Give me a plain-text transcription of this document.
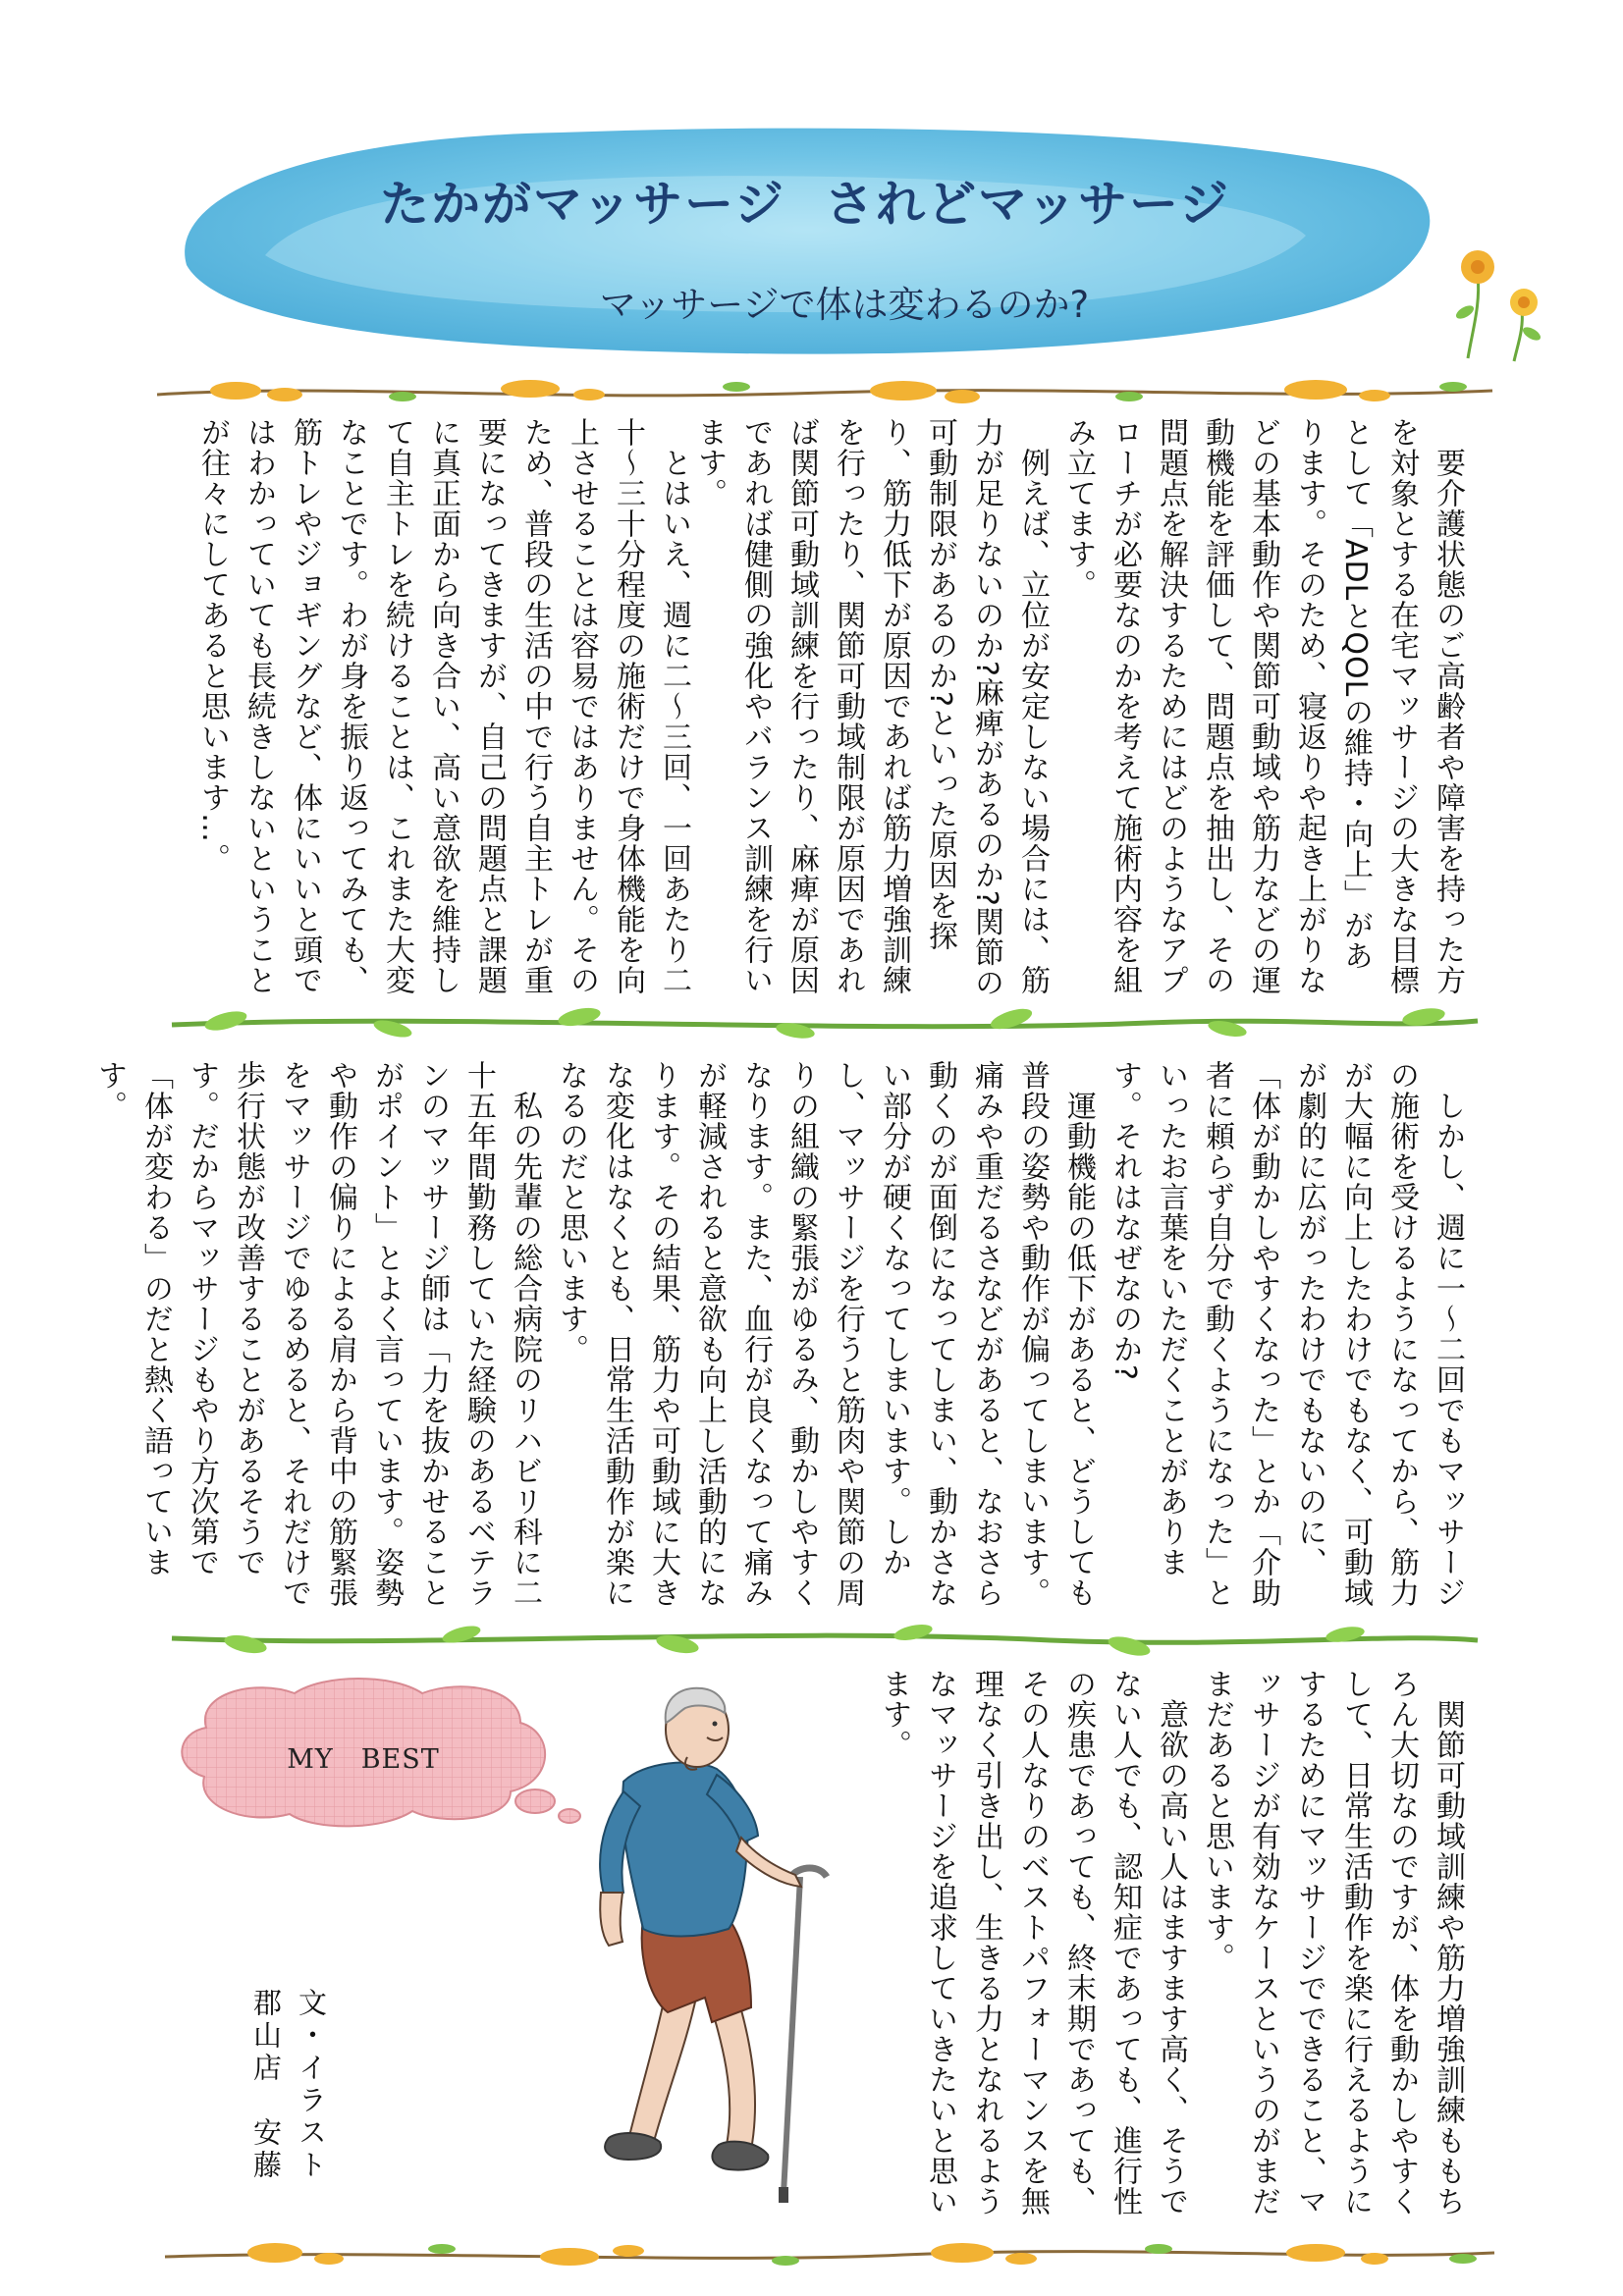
たかがマッサージ されどマッサージ
マッサージで体は変わるのか?

　要介護状態のご高齢者や障害を持った方を対象とする在宅マッサージの大きな目標として「ADLとQOLの維持・向上」があります。そのため、寝返りや起き上がりなどの基本動作や関節可動域や筋力などの運動機能を評価して、問題点を抽出し、その問題点を解決するためにはどのようなアプローチが必要なのかを考えて施術内容を組み立てます。
　例えば、立位が安定しない場合には、筋力が足りないのか?麻痺があるのか?関節の可動制限があるのか?といった原因を探り、筋力低下が原因であれば筋力増強訓練を行ったり、関節可動域制限が原因であれば関節可動域訓練を行ったり、麻痺が原因であれば健側の強化やバランス訓練を行います。

　とはいえ、週に二～三回、一回あたり二十～三十分程度の施術だけで身体機能を向上させることは容易ではありません。そのため、普段の生活の中で行う自主トレが重要になってきますが、自己の問題点と課題に真正面から向き合い、高い意欲を維持して自主トレを続けることは、これまた大変なことです。わが身を振り返ってみても、筋トレやジョギングなど、体にいいと頭ではわかっていても長続きしないということが往々にしてあると思います…。

　しかし、週に一～二回でもマッサージの施術を受けるようになってから、筋力が大幅に向上したわけでもなく、可動域が劇的に広がったわけでもないのに、「体が動かしやすくなった」とか「介助者に頼らず自分で動くようになった」といったお言葉をいただくことがあります。それはなぜなのか?
　運動機能の低下があると、どうしても普段の姿勢や動作が偏ってしまいます。痛みや重だるさなどがあると、なおさら動くのが面倒になってしまい、動かさない部分が硬くなってしまいます。しかし、マッサージを行うと筋肉や関節の周りの組織の緊張がゆるみ、動かしやすくなります。また、血行が良くなって痛みが軽減されると意欲も向上し活動的になります。その結果、筋力や可動域に大きな変化はなくとも、日常生活動作が楽になるのだと思います。
　私の先輩の総合病院のリハビリ科に二十五年間勤務していた経験のあるベテランのマッサージ師は「力を抜かせることがポイント」とよく言っています。姿勢や動作の偏りによる肩から背中の筋緊張をマッサージでゆるめると、それだけで歩行状態が改善することがあるそうです。だからマッサージもやり方次第で「体が変わる」のだと熱く語っています。

　関節可動域訓練や筋力増強訓練ももちろん大切なのですが、体を動かしやすくして、日常生活動作を楽に行えるようにするためにマッサージでできること、マッサージが有効なケースというのがまだまだあると思います。
　意欲の高い人はますます高く、そうでない人でも、認知症であっても、進行性の疾患であっても、終末期であっても、その人なりのベストパフォーマンスを無理なく引き出し、生きる力となれるようなマッサージを追求していきたいと思います。

MY　BEST

文・イラスト

郡山店　安藤
